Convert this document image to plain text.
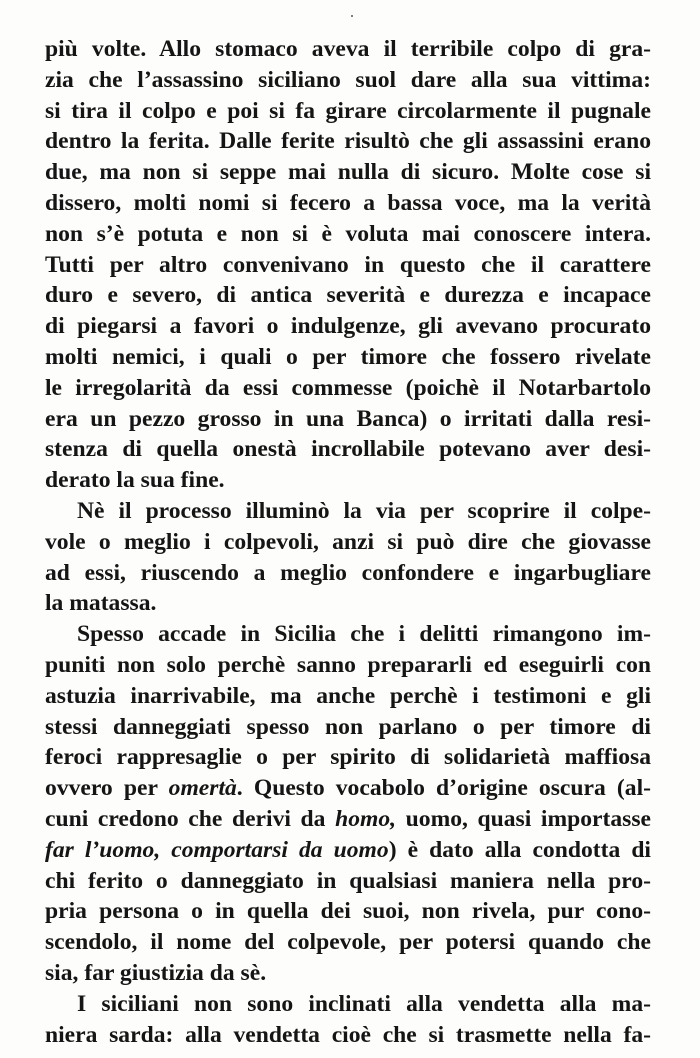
più volte. Allo stomaco aveva il terribile colpo di gra-
zia che l’assassino siciliano suol dare alla sua vittima:
si tira il colpo e poi si fa girare circolarmente il pugnale
dentro la ferita. Dalle ferite risultò che gli assassini erano
due, ma non si seppe mai nulla di sicuro. Molte cose si
dissero, molti nomi si fecero a bassa voce, ma la verità
non s’è potuta e non si è voluta mai conoscere intera.
Tutti per altro convenivano in questo che il carattere
duro e severo, di antica severità e durezza e incapace
di piegarsi a favori o indulgenze, gli avevano procurato
molti nemici, i quali o per timore che fossero rivelate
le irregolarità da essi commesse (poichè il Notarbartolo
era un pezzo grosso in una Banca) o irritati dalla resi-
stenza di quella onestà incrollabile potevano aver desi-
derato la sua fine.
Nè il processo illuminò la via per scoprire il colpe-
vole o meglio i colpevoli, anzi si può dire che giovasse
ad essi, riuscendo a meglio confondere e ingarbugliare
la matassa.
Spesso accade in Sicilia che i delitti rimangono im-
puniti non solo perchè sanno prepararli ed eseguirli con
astuzia inarrivabile, ma anche perchè i testimoni e gli
stessi danneggiati spesso non parlano o per timore di
feroci rappresaglie o per spirito di solidarietà maffiosa
ovvero per omertà. Questo vocabolo d’origine oscura (al-
cuni credono che derivi da homo, uomo, quasi importasse
far l’uomo, comportarsi da uomo) è dato alla condotta di
chi ferito o danneggiato in qualsiasi maniera nella pro-
pria persona o in quella dei suoi, non rivela, pur cono-
scendolo, il nome del colpevole, per potersi quando che
sia, far giustizia da sè.
I siciliani non sono inclinati alla vendetta alla ma-
niera sarda: alla vendetta cioè che si trasmette nella fa-
